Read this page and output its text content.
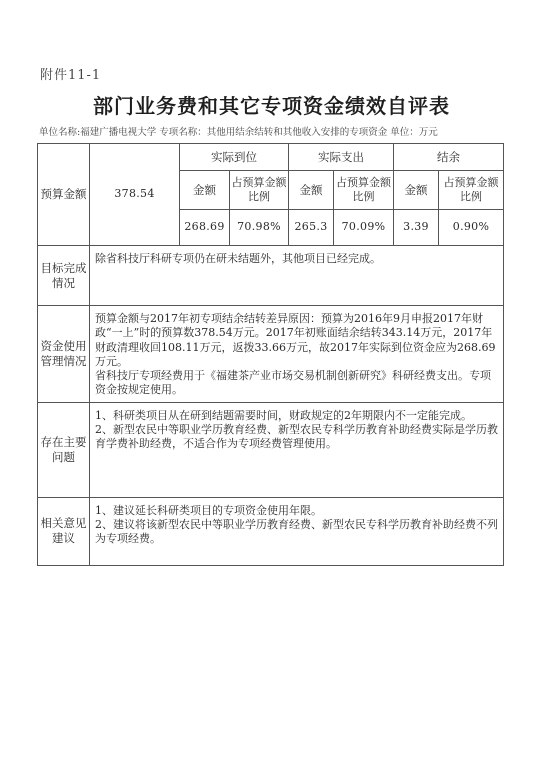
附件11-1
部门业务费和其它专项资金绩效自评表
单位名称:福建广播电视大学 专项名称：其他用结余结转和其他收入安排的专项资金 单位：万元
预算金额	378.54	实际到位		实际支出		结余	
		金额	占预算金额比例	金额	占预算金额比例	金额	占预算金额比例
		268.69	70.98%	265.3	70.09%	3.39	0.90%
目标完成情况	除省科技厅科研专项仍在研未结题外，其他项目已经完成。						

资金使用管理情况	预算金额与2017年初专项结余结转差异原因：预算为2016年9月申报2017年财政“一上”时的预算数378.54万元。2017年初账面结余结转343.14万元，2017年财政清理收回108.11万元，返拨33.66万元，故2017年实际到位资金应为268.69万元。

省科技厅专项经费用于《福建茶产业市场交易机制创新研究》科研经费支出。专项资金按规定使用。						

存在主要问题	1、科研类项目从在研到结题需要时间，财政规定的2年期限内不一定能完成。

2、新型农民中等职业学历教育经费、新型农民专科学历教育补助经费实际是学历教育学费补助经费，不适合作为专项经费管理使用。						

相关意见建议	1、建议延长科研类项目的专项资金使用年限。

2、建议将该新型农民中等职业学历教育经费、新型农民专科学历教育补助经费不列为专项经费。						
